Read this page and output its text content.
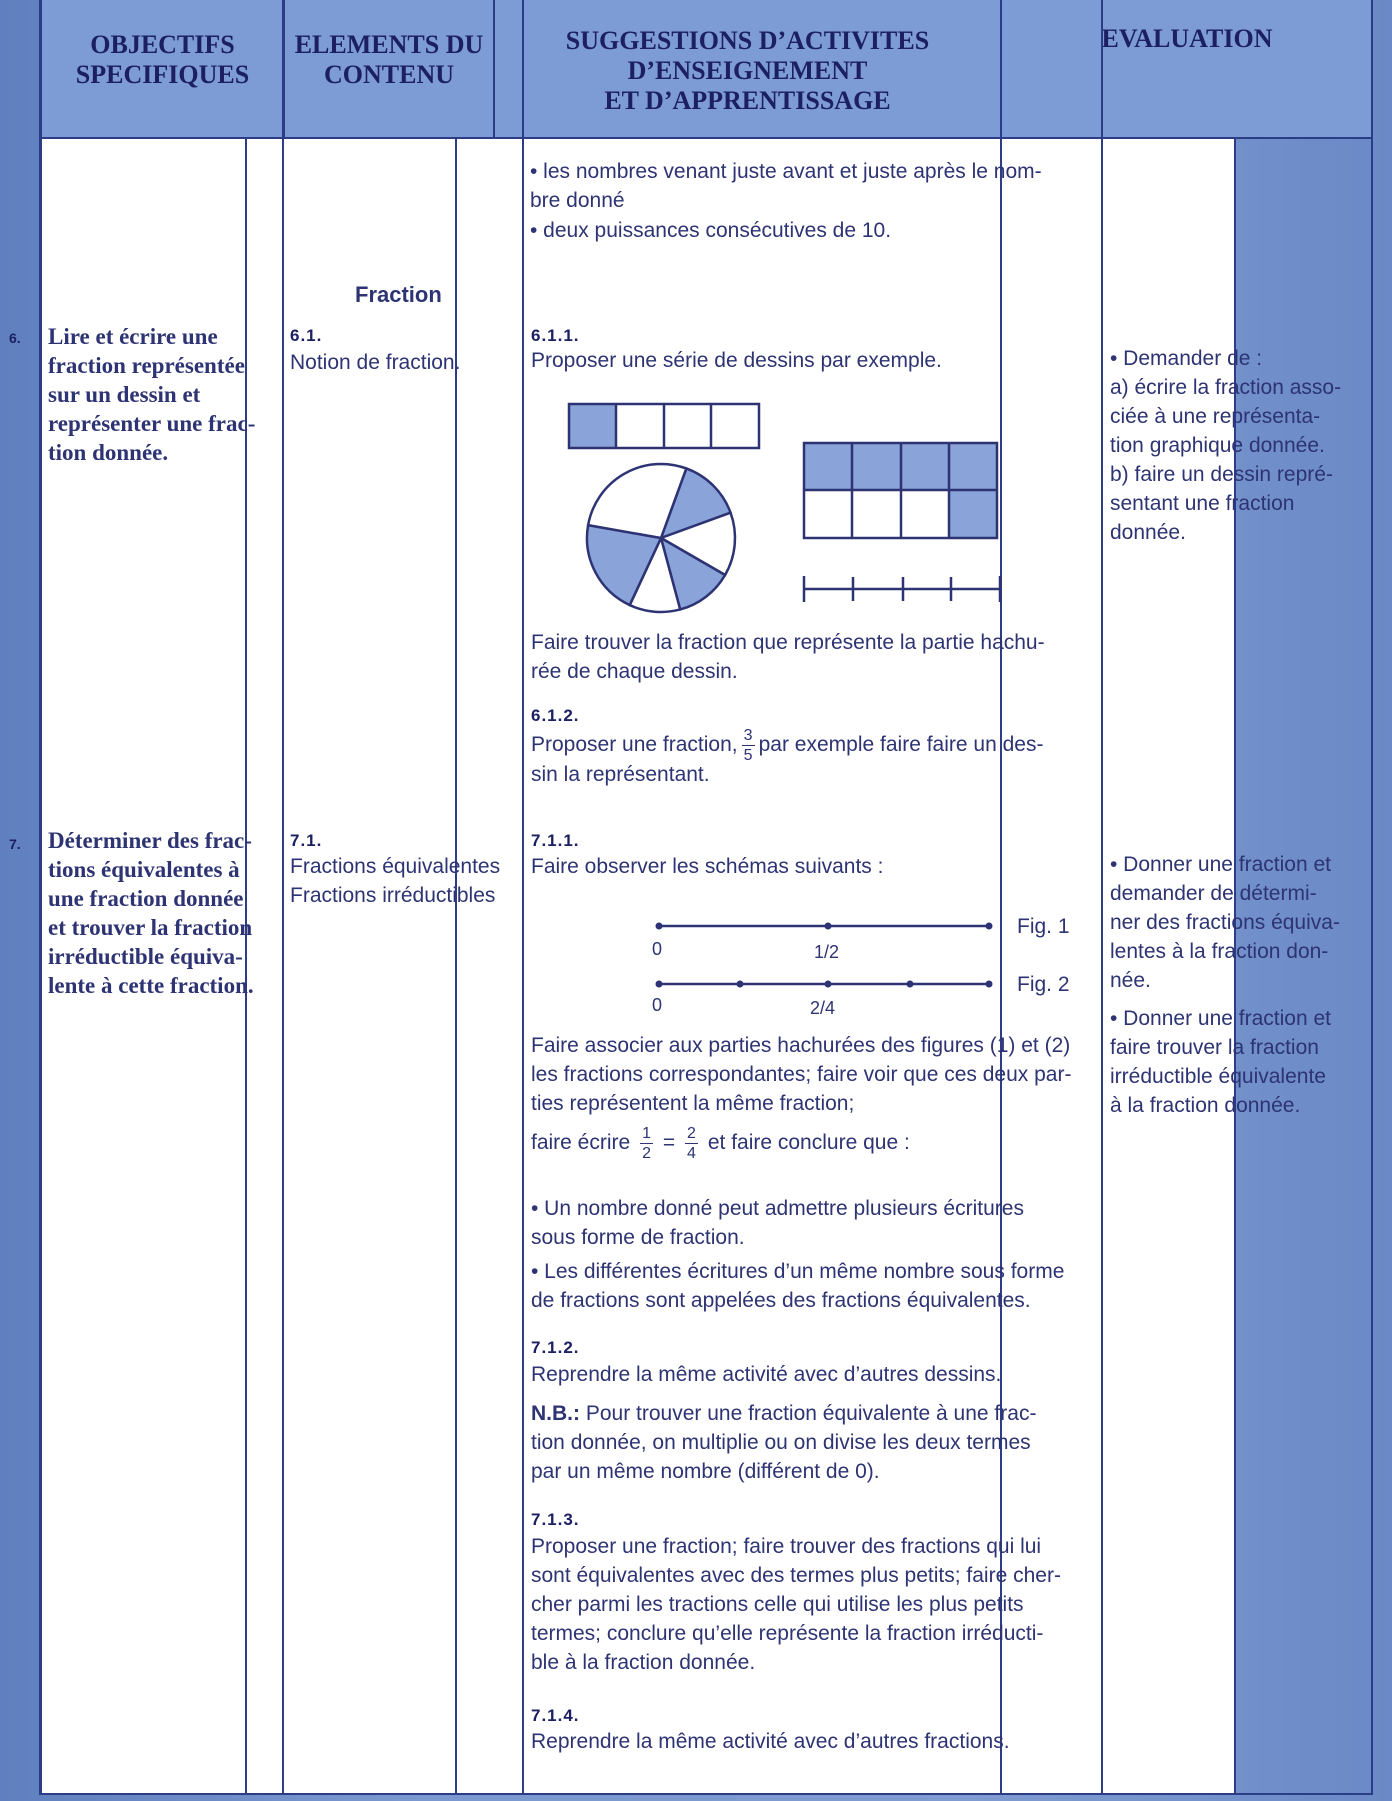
OBJECTIFS
SPECIFIQUES
ELEMENTS DU
CONTENU
SUGGESTIONS D’ACTIVITES
D’ENSEIGNEMENT
ET D’APPRENTISSAGE
EVALUATION
• les nombres venant juste avant et juste après le nom-
bre donné
• deux puissances consécutives de 10.
Fraction
6. Lire et écrire une
fraction représentée
sur un dessin et
représenter une frac-
tion donnée.
6.1.
Notion de fraction.
6.1.1.
Proposer une série de dessins par exemple.
Faire trouver la fraction que représente la partie hachu-
rée de chaque dessin.
6.1.2.
Proposer une fraction, $\frac{3}{5}$ par exemple faire faire un des-
sin la représentant.
• Demander de :
a) écrire la fraction asso-
ciée à une représenta-
tion graphique donnée.
b) faire un dessin repré-
sentant une fraction
donnée.
7. Déterminer des frac-
tions équivalentes à
une fraction donnée
et trouver la fraction
irréductible équiva-
lente à cette fraction.
7.1.
Fractions équivalentes
Fractions irréductibles
7.1.1.
Faire observer les schémas suivants :
Fig. 1
0	1/2
Fig. 2
0	2/4
Faire associer aux parties hachurées des figures (1) et (2)
les fractions correspondantes; faire voir que ces deux par-
ties représentent la même fraction;
faire écrire $\frac{1}{2} = \frac{2}{4}$ et faire conclure que :
• Un nombre donné peut admettre plusieurs écritures
sous forme de fraction.
• Les différentes écritures d’un même nombre sous forme
de fractions sont appelées des fractions équivalentes.
7.1.2.
Reprendre la même activité avec d’autres dessins.
N.B.: Pour trouver une fraction équivalente à une frac-
tion donnée, on multiplie ou on divise les deux termes
par un même nombre (différent de 0).
7.1.3.
Proposer une fraction; faire trouver des fractions qui lui
sont équivalentes avec des termes plus petits; faire cher-
cher parmi les tractions celle qui utilise les plus petits
termes; conclure qu’elle représente la fraction irréducti-
ble à la fraction donnée.
7.1.4.
Reprendre la même activité avec d’autres fractions.
• Donner une fraction et
demander de détermi-
ner des fractions équiva-
lentes à la fraction don-
née.
• Donner une fraction et
faire trouver la fraction
irréductible équivalente
à la fraction donnée.
